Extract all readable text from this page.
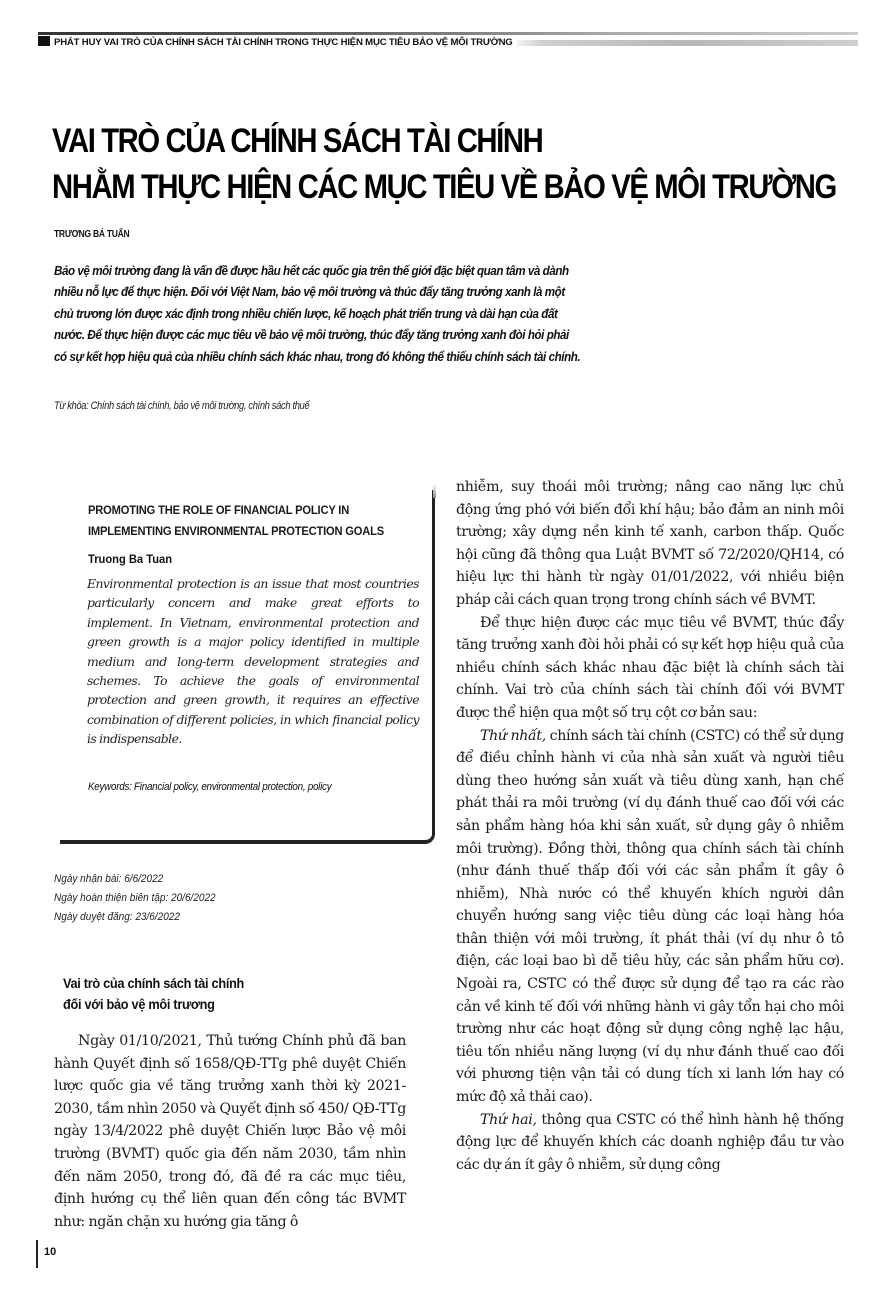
PHÁT HUY VAI TRÒ CỦA CHÍNH SÁCH TÀI CHÍNH TRONG THỰC HIỆN MỤC TIÊU BẢO VỆ MÔI TRƯỜNG
VAI TRÒ CỦA CHÍNH SÁCH TÀI CHÍNH
NHẰM THỰC HIỆN CÁC MỤC TIÊU VỀ BẢO VỆ MÔI TRƯỜNG
TRƯƠNG BÁ TUẤN
Bảo vệ môi trường đang là vấn đề được hầu hết các quốc gia trên thế giới đặc biệt quan tâm và dành nhiều nỗ lực để thực hiện. Đối với Việt Nam, bảo vệ môi trường và thúc đẩy tăng trưởng xanh là một chủ trương lớn được xác định trong nhiều chiến lược, kế hoạch phát triển trung và dài hạn của đất nước. Để thực hiện được các mục tiêu về bảo vệ môi trường, thúc đẩy tăng trưởng xanh đòi hỏi phải có sự kết hợp hiệu quả của nhiều chính sách khác nhau, trong đó không thể thiếu chính sách tài chính.
Từ khóa: Chính sách tài chính, bảo vệ môi trường, chính sách thuế
PROMOTING THE ROLE OF FINANCIAL POLICY IN
IMPLEMENTING ENVIRONMENTAL PROTECTION GOALS
Truong Ba Tuan
Environmental protection is an issue that most countries particularly concern and make great efforts to implement. In Vietnam, environmental protection and green growth is a major policy identified in multiple medium and long-term development strategies and schemes. To achieve the goals of environmental protection and green growth, it requires an effective combination of different policies, in which financial policy is indispensable.
Keywords: Financial policy, environmental protection, policy
Ngày nhận bài: 6/6/2022
Ngày hoàn thiện biên tập: 20/6/2022
Ngày duyệt đăng: 23/6/2022
Vai trò của chính sách tài chính
đối với bảo vệ môi trương

Ngày 01/10/2021, Thủ tướng Chính phủ đã ban hành Quyết định số 1658/QĐ-TTg phê duyệt Chiến lược quốc gia về tăng trưởng xanh thời kỳ 2021- 2030, tầm nhìn 2050 và Quyết định số 450/ QĐ-TTg ngày 13/4/2022 phê duyệt Chiến lược Bảo vệ môi trường (BVMT) quốc gia đến năm 2030, tầm nhìn đến năm 2050, trong đó, đã đề ra các mục tiêu, định hướng cụ thể liên quan đến công tác BVMT như: ngăn chặn xu hướng gia tăng ô

nhiễm, suy thoái môi trường; nâng cao năng lực chủ động ứng phó với biến đổi khí hậu; bảo đảm an ninh môi trường; xây dựng nền kinh tế xanh, carbon thấp. Quốc hội cũng đã thông qua Luật BVMT số 72/2020/QH14, có hiệu lực thi hành từ ngày 01/01/2022, với nhiều biện pháp cải cách quan trọng trong chính sách về BVMT.

Để thực hiện được các mục tiêu về BVMT, thúc đẩy tăng trưởng xanh đòi hỏi phải có sự kết hợp hiệu quả của nhiều chính sách khác nhau đặc biệt là chính sách tài chính. Vai trò của chính sách tài chính đối với BVMT được thể hiện qua một số trụ cột cơ bản sau:

Thứ nhất, chính sách tài chính (CSTC) có thể sử dụng để điều chỉnh hành vi của nhà sản xuất và người tiêu dùng theo hướng sản xuất và tiêu dùng xanh, hạn chế phát thải ra môi trường (ví dụ đánh thuế cao đối với các sản phẩm hàng hóa khi sản xuất, sử dụng gây ô nhiễm môi trường). Đồng thời, thông qua chính sách tài chính (như đánh thuế thấp đối với các sản phẩm ít gây ô nhiễm), Nhà nước có thể khuyến khích người dân chuyển hướng sang việc tiêu dùng các loại hàng hóa thân thiện với môi trường, ít phát thải (ví dụ như ô tô điện, các loại bao bì dễ tiêu hủy, các sản phẩm hữu cơ). Ngoài ra, CSTC có thể được sử dụng để tạo ra các rào cản về kinh tế đối với những hành vi gây tổn hại cho môi trường như các hoạt động sử dụng công nghệ lạc hậu, tiêu tốn nhiều năng lượng (ví dụ như đánh thuế cao đối với phương tiện vận tải có dung tích xi lanh lớn hay có mức độ xả thải cao).

Thứ hai, thông qua CSTC có thể hình hành hệ thống động lực để khuyến khích các doanh nghiệp đầu tư vào các dự án ít gây ô nhiễm, sử dụng công

10
